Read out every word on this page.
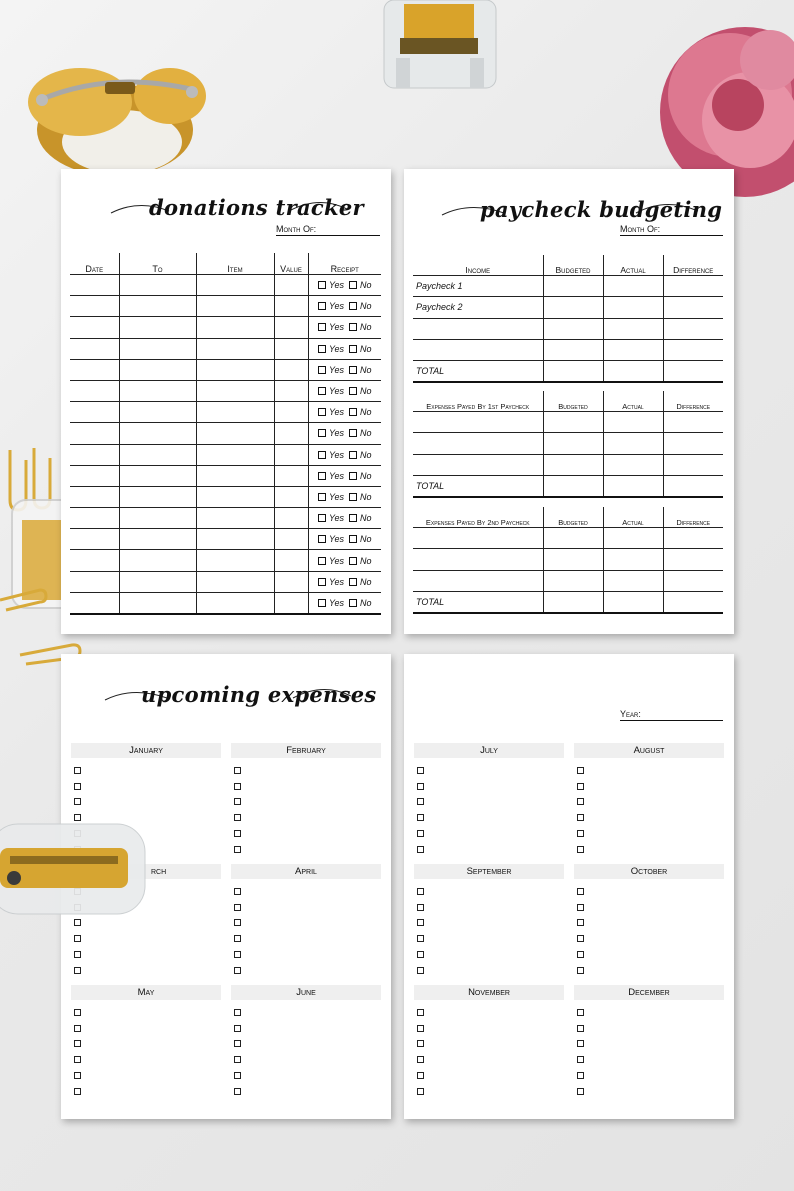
donations tracker
Month Of:
Date	To	Item	Value	Receipt
				Yes No
				Yes No
				Yes No
				Yes No
				Yes No
				Yes No
				Yes No
				Yes No
				Yes No
				Yes No
				Yes No
				Yes No
				Yes No
				Yes No
				Yes No
				Yes No
paycheck budgeting
Month Of:
Income	Budgeted	Actual	Difference
Paycheck 1			
Paycheck 2			

TOTAL			
Expenses Payed By 1st Paycheck	Budgeted	Actual	Difference

TOTAL			
Expenses Payed By 2nd Paycheck	Budgeted	Actual	Difference

TOTAL			
upcoming expenses
January	February
rch	April
May	June
Year:
July	August
September	October
November	December
